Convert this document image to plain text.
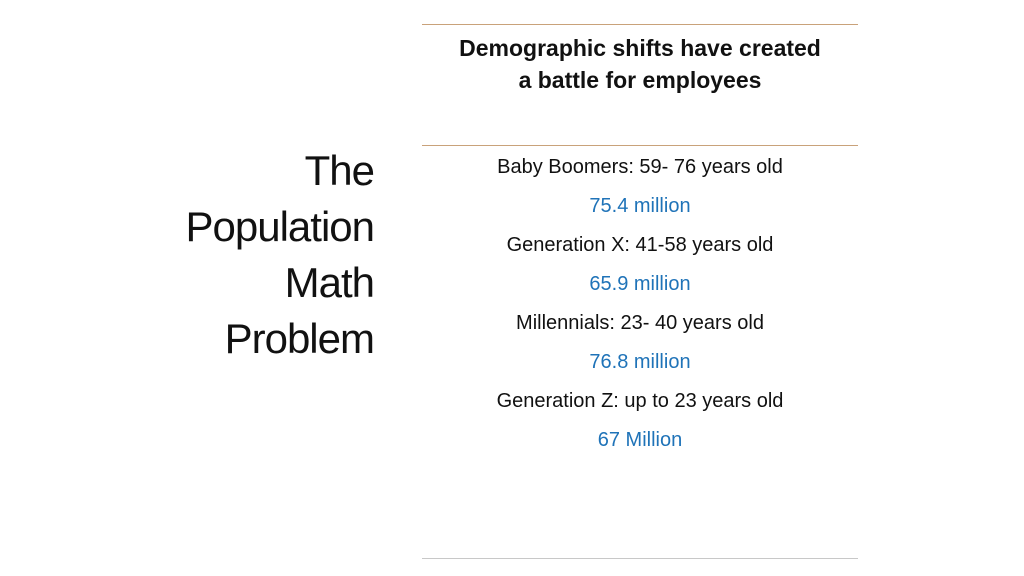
The
Population
Math
Problem
Demographic shifts have created
a battle for employees
Baby Boomers: 59- 76 years old
75.4 million
Generation X: 41-58 years old
65.9 million
Millennials: 23- 40 years old
76.8 million
Generation Z: up to 23 years old
67 Million
